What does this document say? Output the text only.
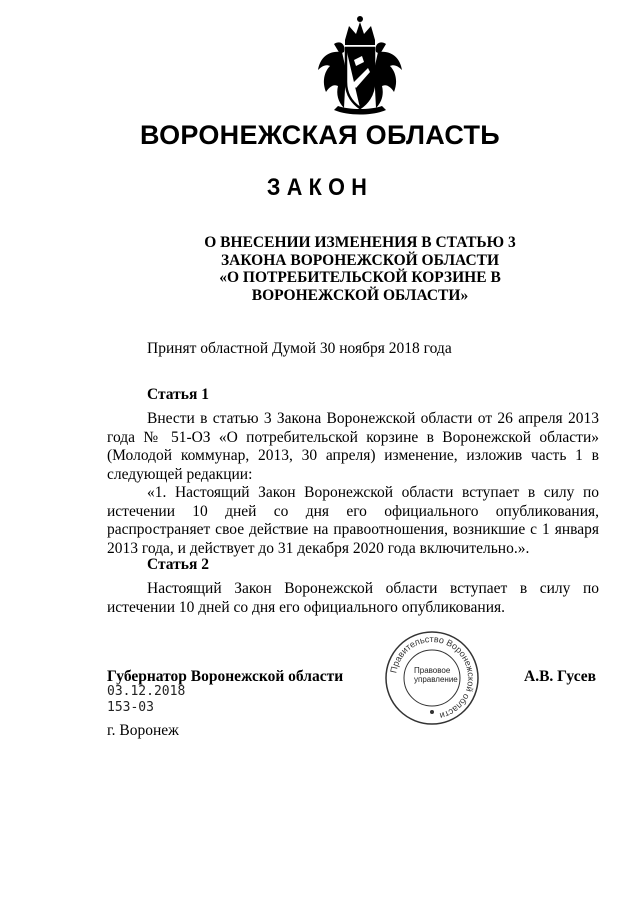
ВОРОНЕЖСКАЯ ОБЛАСТЬ
ЗАКОН
О ВНЕСЕНИИ ИЗМЕНЕНИЯ В СТАТЬЮ 3
ЗАКОНА ВОРОНЕЖСКОЙ ОБЛАСТИ
«О ПОТРЕБИТЕЛЬСКОЙ КОРЗИНЕ В
ВОРОНЕЖСКОЙ ОБЛАСТИ»
Принят областной Думой 30 ноября 2018 года
Статья 1

Внести в статью 3 Закона Воронежской области от 26 апреля 2013 года № 51-ОЗ «О потребительской корзине в Воронежской области» (Молодой коммунар, 2013, 30 апреля) изменение, изложив часть 1 в следующей редакции:

«1. Настоящий Закон Воронежской области вступает в силу по истечении 10 дней со дня его официального опубликования, распространяет свое действие на правоотношения, возникшие с 1 января 2013 года, и действует до 31 декабря 2020 года включительно.».

Статья 2

Настоящий Закон Воронежской области вступает в силу по истечении 10 дней со дня его официального опубликования.

Губернатор Воронежской области
03.12.2018
153-03
г. Воронеж
А.В. Гусев
Правительство Воронежской области
Правовое
управление
